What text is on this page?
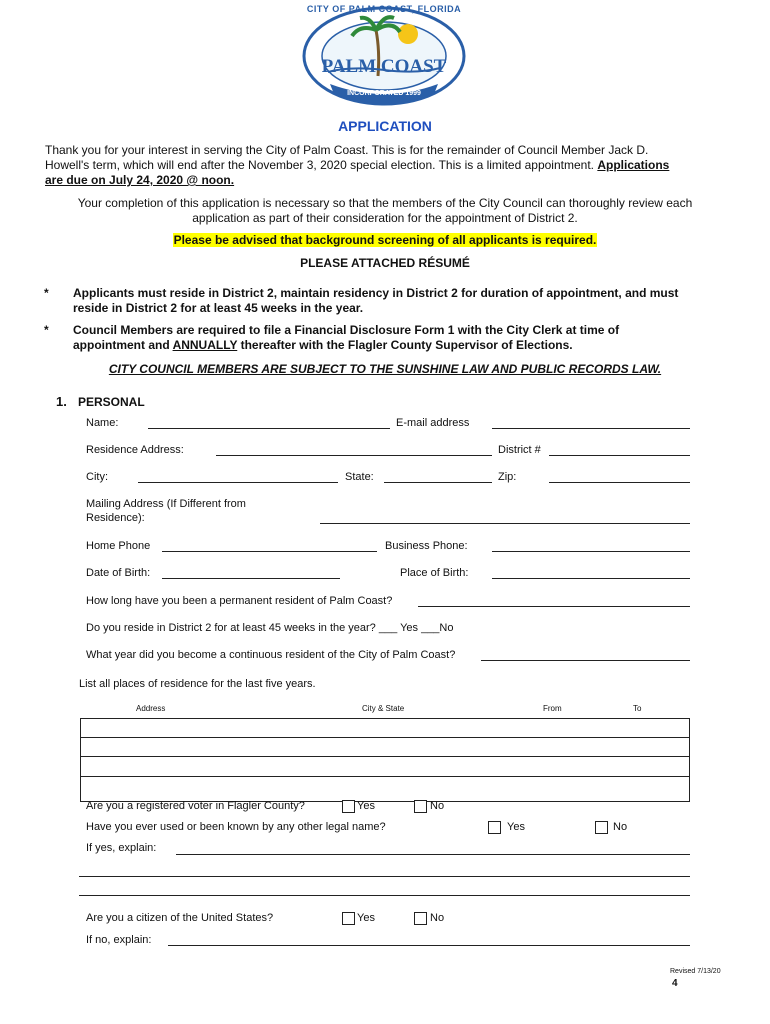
CITY OF PALM COAST, FLORIDA
PALM COAST
INCORPORATED 1999
APPLICATION
Thank you for your interest in serving the City of Palm Coast. This is for the remainder of Council Member Jack D.
Howell's term, which will end after the November 3, 2020 special election. This is a limited appointment. Applications
are due on July 24, 2020 @ noon.
Your completion of this application is necessary so that the members of the City Council can thoroughly review each
application as part of their consideration for the appointment of District 2.
Please be advised that background screening of all applicants is required.
PLEASE ATTACHED RÉSUMÉ
* Applicants must reside in District 2, maintain residency in District 2 for duration of appointment, and must
reside in District 2 for at least 45 weeks in the year.
* Council Members are required to file a Financial Disclosure Form 1 with the City Clerk at time of
appointment and ANNUALLY thereafter with the Flagler County Supervisor of Elections.
CITY COUNCIL MEMBERS ARE SUBJECT TO THE SUNSHINE LAW AND PUBLIC RECORDS LAW.
1. PERSONAL
Name:	E-mail address
Residence Address:	District #
City:	State:	Zip:
Mailing Address (If Different from
Residence):
Home Phone	Business Phone:
Date of Birth:	Place of Birth:
How long have you been a permanent resident of Palm Coast?
Do you reside in District 2 for at least 45 weeks in the year? ___ Yes ___No
What year did you become a continuous resident of the City of Palm Coast?
List all places of residence for the last five years.
Address	City & State	From	To
Are you a registered voter in Flagler County?	Yes	No
Have you ever used or been known by any other legal name?	Yes	No
If yes, explain:
Are you a citizen of the United States?	Yes	No
If no, explain:
Revised 7/13/20
4
